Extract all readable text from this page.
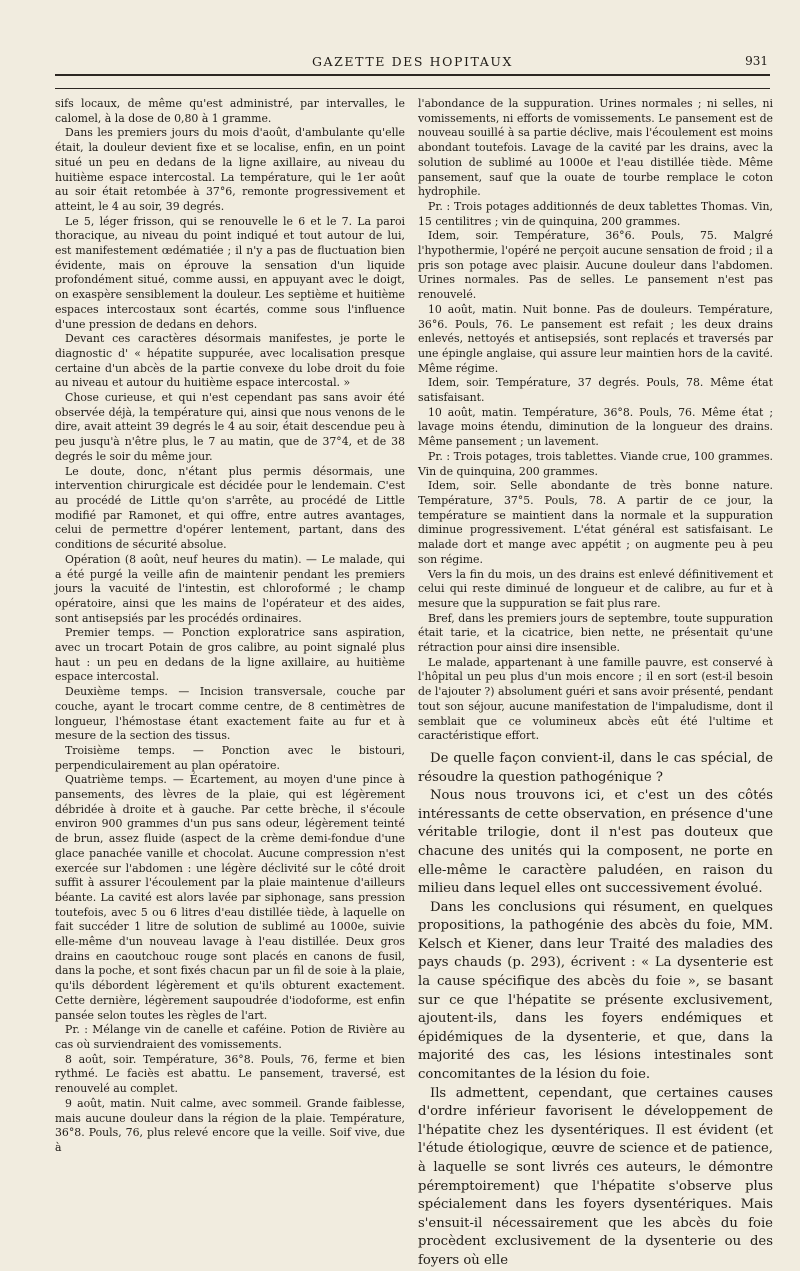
GAZETTE DES HOPITAUX	931

sifs locaux, de même qu'est administré, par intervalles, le calomel, à la dose de 0,80 à 1 gramme.

Dans les premiers jours du mois d'août, d'ambulante qu'elle était, la douleur devient fixe et se localise, enfin, en un point situé un peu en dedans de la ligne axillaire, au niveau du huitième espace intercostal. La température, qui le 1er août au soir était retombée à 37°6, remonte progressivement et atteint, le 4 au soir, 39 degrés.

Le 5, léger frisson, qui se renouvelle le 6 et le 7. La paroi thoracique, au niveau du point indiqué et tout autour de lui, est manifestement œdématiée ; il n'y a pas de fluctuation bien évidente, mais on éprouve la sensation d'un liquide profondément situé, comme aussi, en appuyant avec le doigt, on exaspère sensiblement la douleur. Les septième et huitième espaces intercostaux sont écartés, comme sous l'influence d'une pression de dedans en dehors.

Devant ces caractères désormais manifestes, je porte le diagnostic d' « hépatite suppurée, avec localisation presque certaine d'un abcès de la partie convexe du lobe droit du foie au niveau et autour du huitième espace intercostal. »

Chose curieuse, et qui n'est cependant pas sans avoir été observée déjà, la température qui, ainsi que nous venons de le dire, avait atteint 39 degrés le 4 au soir, était descendue peu à peu jusqu'à n'être plus, le 7 au matin, que de 37°4, et de 38 degrés le soir du même jour.

Le doute, donc, n'étant plus permis désormais, une intervention chirurgicale est décidée pour le lendemain. C'est au procédé de Little qu'on s'arrête, au procédé de Little modifié par Ramonet, et qui offre, entre autres avantages, celui de permettre d'opérer lentement, partant, dans des conditions de sécurité absolue.

Opération (8 août, neuf heures du matin). — Le malade, qui a été purgé la veille afin de maintenir pendant les premiers jours la vacuité de l'intestin, est chloroformé ; le champ opératoire, ainsi que les mains de l'opérateur et des aides, sont antisepsiés par les procédés ordinaires.

Premier temps. — Ponction exploratrice sans aspiration, avec un trocart Potain de gros calibre, au point signalé plus haut : un peu en dedans de la ligne axillaire, au huitième espace intercostal.

Deuxième temps. — Incision transversale, couche par couche, ayant le trocart comme centre, de 8 centimètres de longueur, l'hémostase étant exactement faite au fur et à mesure de la section des tissus.

Troisième temps. — Ponction avec le bistouri, perpendiculairement au plan opératoire.

Quatrième temps. — Écartement, au moyen d'une pince à pansements, des lèvres de la plaie, qui est légèrement débridée à droite et à gauche. Par cette brèche, il s'écoule environ 900 grammes d'un pus sans odeur, légèrement teinté de brun, assez fluide (aspect de la crème demi-fondue d'une glace panachée vanille et chocolat. Aucune compression n'est exercée sur l'abdomen : une légère déclivité sur le côté droit suffit à assurer l'écoulement par la plaie maintenue d'ailleurs béante. La cavité est alors lavée par siphonage, sans pression toutefois, avec 5 ou 6 litres d'eau distillée tiède, à laquelle on fait succéder 1 litre de solution de sublimé au 1000e, suivie elle-même d'un nouveau lavage à l'eau distillée. Deux gros drains en caoutchouc rouge sont placés en canons de fusil, dans la poche, et sont fixés chacun par un fil de soie à la plaie, qu'ils débordent légèrement et qu'ils obturent exactement. Cette dernière, légèrement saupoudrée d'iodoforme, est enfin pansée selon toutes les règles de l'art.

Pr. : Mélange vin de canelle et caféine. Potion de Rivière au cas où surviendraient des vomissements.

8 août, soir. Température, 36°8. Pouls, 76, ferme et bien rythmé. Le faciès est abattu. Le pansement, traversé, est renouvelé au complet.

9 août, matin. Nuit calme, avec sommeil. Grande faiblesse, mais aucune douleur dans la région de la plaie. Température, 36°8. Pouls, 76, plus relevé encore que la veille. Soif vive, due à

l'abondance de la suppuration. Urines normales ; ni selles, ni vomissements, ni efforts de vomissements. Le pansement est de nouveau souillé à sa partie déclive, mais l'écoulement est moins abondant toutefois. Lavage de la cavité par les drains, avec la solution de sublimé au 1000e et l'eau distillée tiède. Même pansement, sauf que la ouate de tourbe remplace le coton hydrophile.

Pr. : Trois potages additionnés de deux tablettes Thomas. Vin, 15 centilitres ; vin de quinquina, 200 grammes.

Idem, soir. Température, 36°6. Pouls, 75. Malgré l'hypothermie, l'opéré ne perçoit aucune sensation de froid ; il a pris son potage avec plaisir. Aucune douleur dans l'abdomen. Urines normales. Pas de selles. Le pansement n'est pas renouvelé.

10 août, matin. Nuit bonne. Pas de douleurs. Température, 36°6. Pouls, 76. Le pansement est refait ; les deux drains enlevés, nettoyés et antisepsiés, sont replacés et traversés par une épingle anglaise, qui assure leur maintien hors de la cavité. Même régime.

Idem, soir. Température, 37 degrés. Pouls, 78. Même état satisfaisant.

10 août, matin. Température, 36°8. Pouls, 76. Même état ; lavage moins étendu, diminution de la longueur des drains. Même pansement ; un lavement.

Pr. : Trois potages, trois tablettes. Viande crue, 100 grammes. Vin de quinquina, 200 grammes.

Idem, soir. Selle abondante de très bonne nature. Température, 37°5. Pouls, 78. A partir de ce jour, la température se maintient dans la normale et la suppuration diminue progressivement. L'état général est satisfaisant. Le malade dort et mange avec appétit ; on augmente peu à peu son régime.

Vers la fin du mois, un des drains est enlevé définitivement et celui qui reste diminué de longueur et de calibre, au fur et à mesure que la suppuration se fait plus rare.

Bref, dans les premiers jours de septembre, toute suppuration était tarie, et la cicatrice, bien nette, ne présentait qu'une rétraction pour ainsi dire insensible.

Le malade, appartenant à une famille pauvre, est conservé à l'hôpital un peu plus d'un mois encore ; il en sort (est-il besoin de l'ajouter ?) absolument guéri et sans avoir présenté, pendant tout son séjour, aucune manifestation de l'impaludisme, dont il semblait que ce volumineux abcès eût été l'ultime et caractéristique effort.

De quelle façon convient-il, dans le cas spécial, de résoudre la question pathogénique ?

Nous nous trouvons ici, et c'est un des côtés intéressants de cette observation, en présence d'une véritable trilogie, dont il n'est pas douteux que chacune des unités qui la composent, ne porte en elle-même le caractère paludéen, en raison du milieu dans lequel elles ont successivement évolué.

Dans les conclusions qui résument, en quelques propositions, la pathogénie des abcès du foie, MM. Kelsch et Kiener, dans leur Traité des maladies des pays chauds (p. 293), écrivent : « La dysenterie est la cause spécifique des abcès du foie », se basant sur ce que l'hépatite se présente exclusivement, ajoutent-ils, dans les foyers endémiques et épidémiques de la dysenterie, et que, dans la majorité des cas, les lésions intestinales sont concomitantes de la lésion du foie.

Ils admettent, cependant, que certaines causes d'ordre inférieur favorisent le développement de l'hépatite chez les dysentériques. Il est évident (et l'étude étiologique, œuvre de science et de patience, à laquelle se sont livrés ces auteurs, le démontre péremptoirement) que l'hépatite s'observe plus spécialement dans les foyers dysentériques. Mais s'ensuit-il nécessairement que les abcès du foie procèdent exclusivement de la dysenterie ou des foyers où elle
